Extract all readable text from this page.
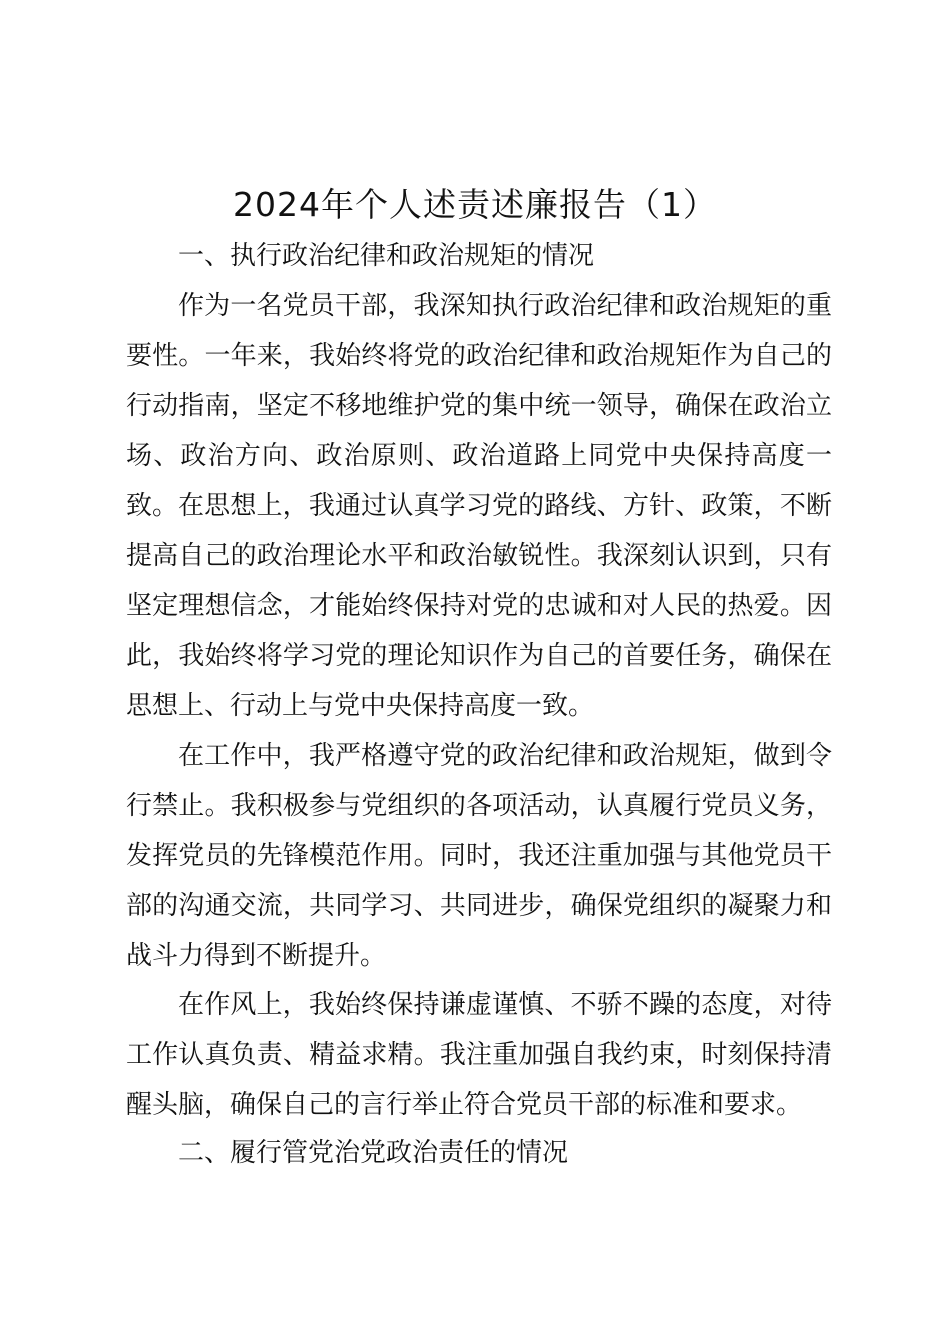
2024年个人述责述廉报告（1）

一、执行政治纪律和政治规矩的情况

作为一名党员干部，我深知执行政治纪律和政治规矩的重要性。一年来，我始终将党的政治纪律和政治规矩作为自己的行动指南，坚定不移地维护党的集中统一领导，确保在政治立场、政治方向、政治原则、政治道路上同党中央保持高度一致。 在思想上，我通过认真学习党的路线、方针、政策，不断提高自己的政治理论水平和政治敏锐性。我深刻认识到，只有坚定理想信念，才能始终保持对党的忠诚和对人民的热爱。因此，我始终将学习党的理论知识作为自己的首要任务，确保在思想上、行动上与党中央保持高度一致。

在工作中，我严格遵守党的政治纪律和政治规矩，做到令行禁止。我积极参与党组织的各项活动，认真履行党员义务，发挥党员的先锋模范作用。同时，我还注重加强与其他党员干部的沟通交流，共同学习、共同进步，确保党组织的凝聚力和战斗力得到不断提升。

在作风上，我始终保持谦虚谨慎、不骄不躁的态度，对待工作认真负责、精益求精。我注重加强自我约束，时刻保持清醒头脑，确保自己的言行举止符合党员干部的标准和要求。

二、履行管党治党政治责任的情况
